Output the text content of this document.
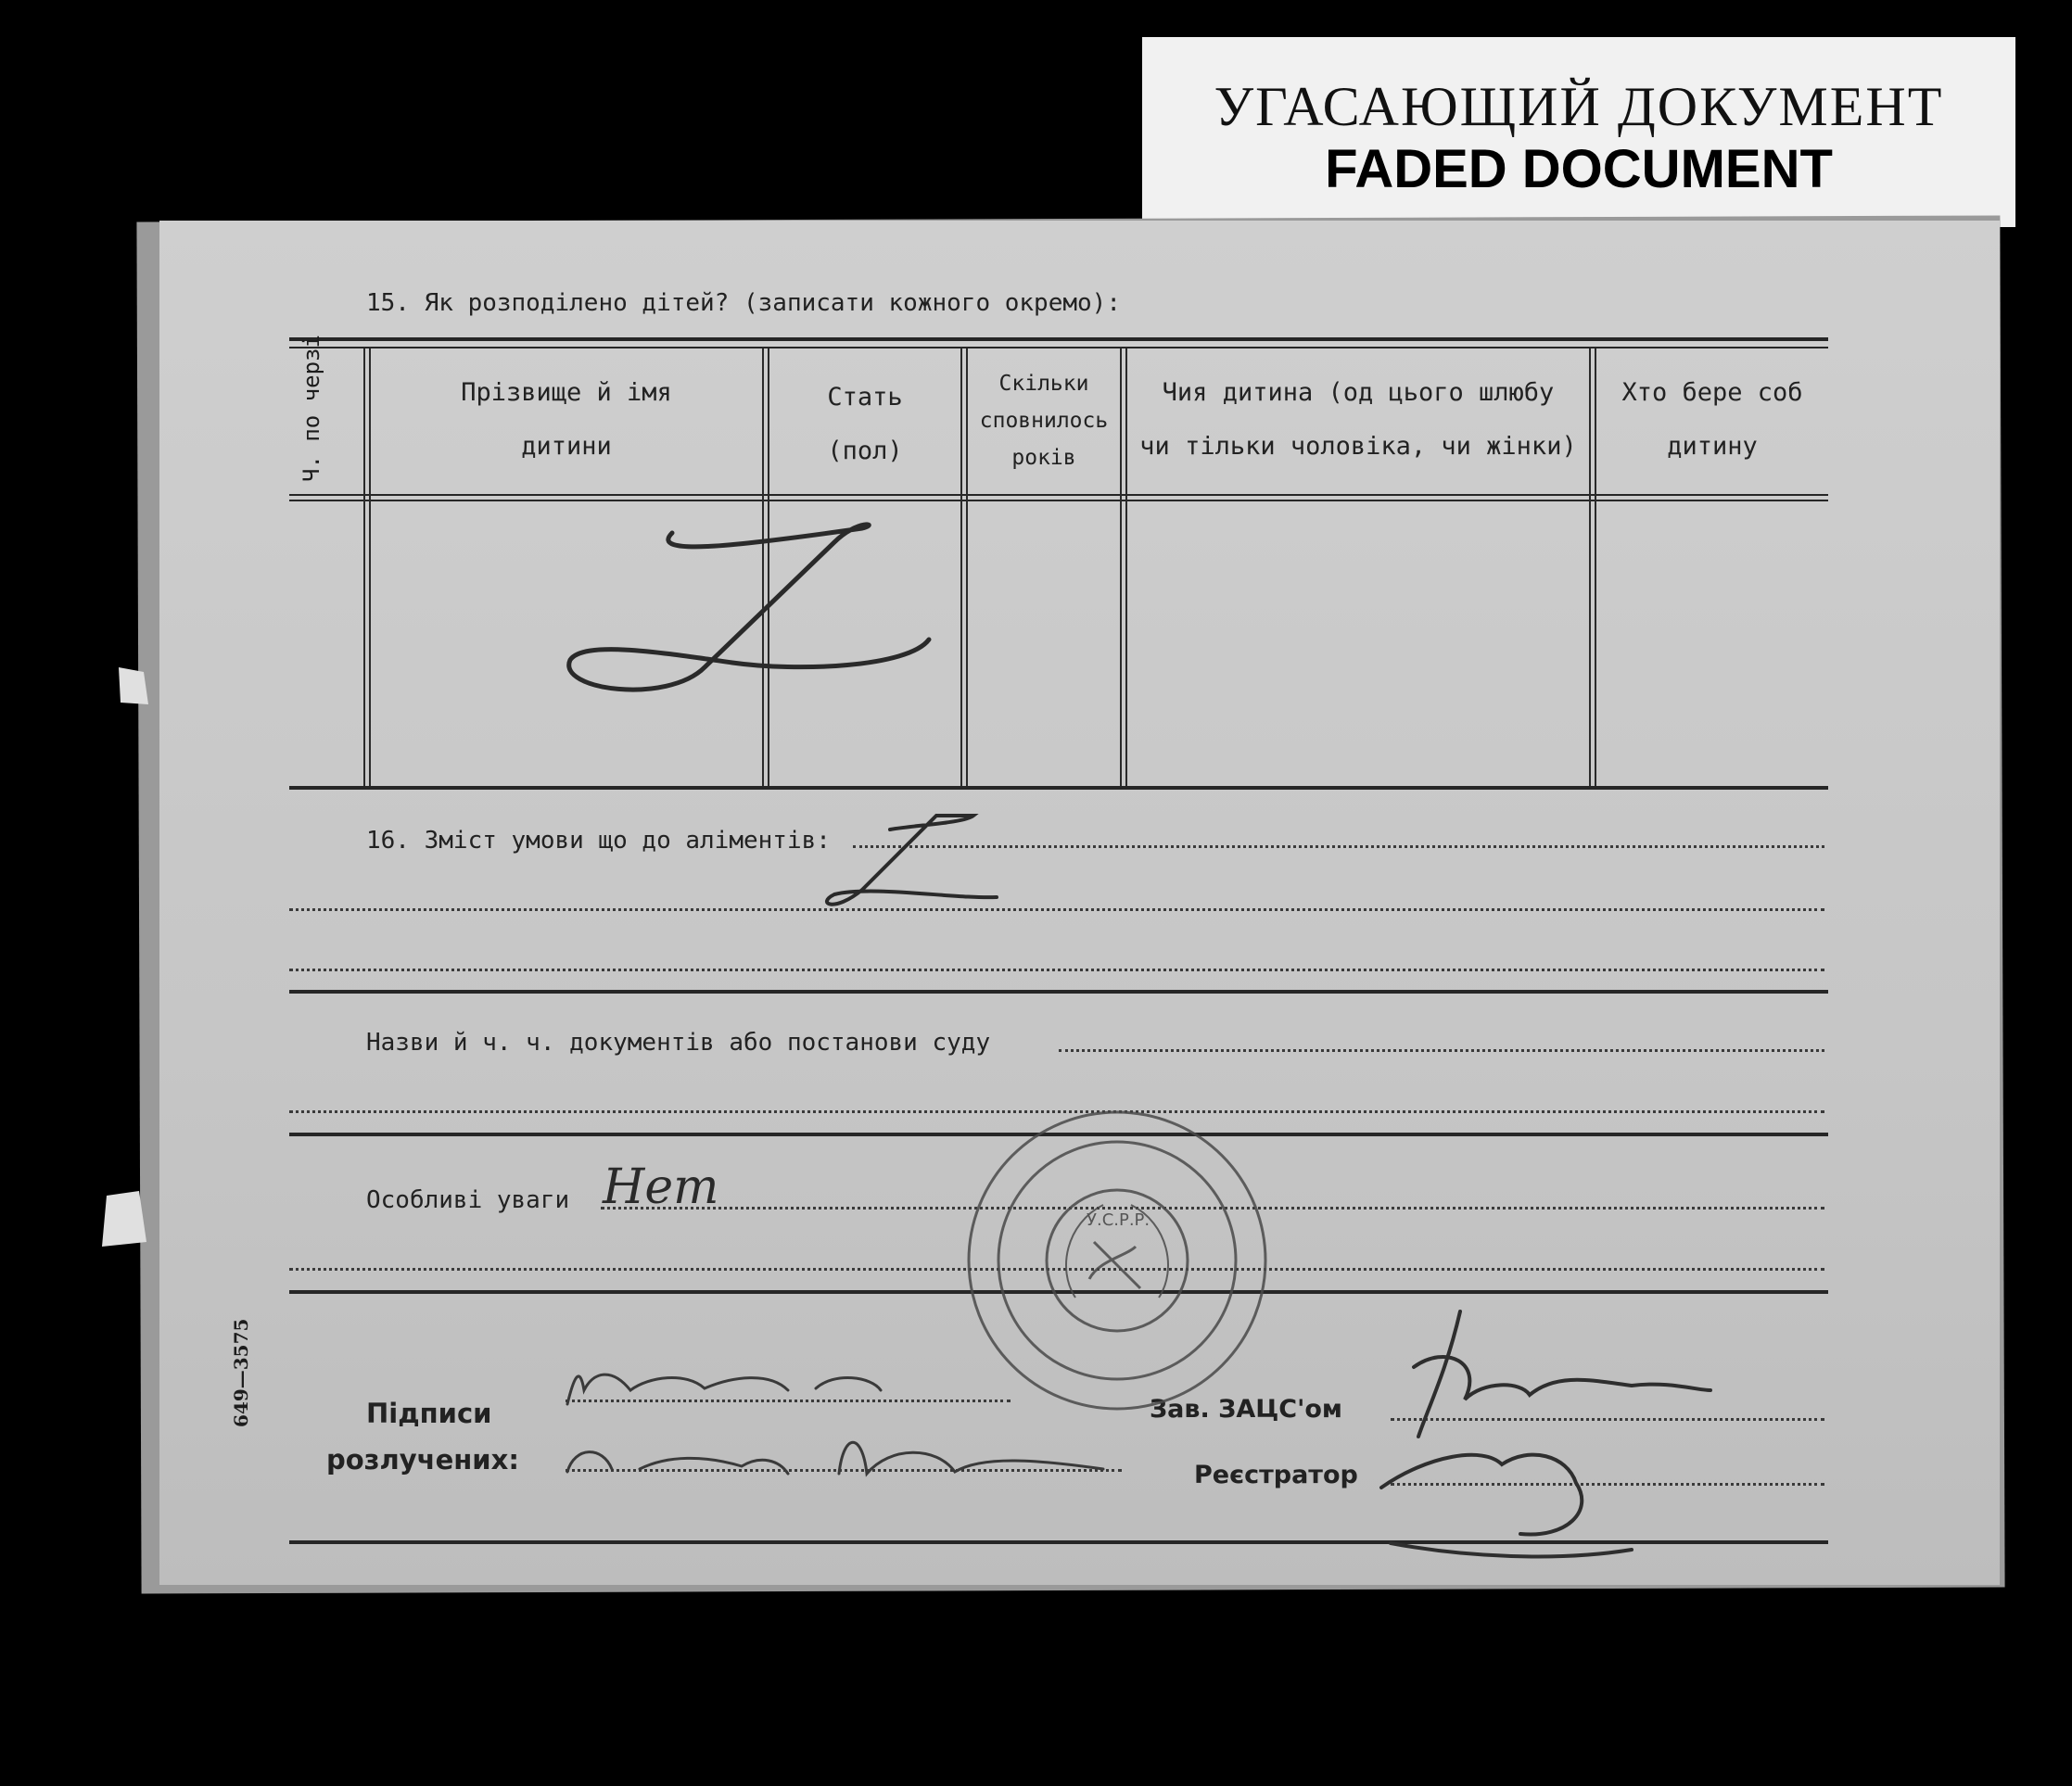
УГАСАЮЩИЙ ДОКУМЕНТ
FADED DOCUMENT
15. Як розподілено дітей? (записати кожного окремо):
Ч. по черзі	Прізвище й імя
дитини
Стать
(пол)
Скільки
сповнилось
років
Чия дитина (од цього шлюбу
чи тільки чоловіка, чи жінки)
Хто бере соб
дитину
16. Зміст умови що до аліментів:
Назви й ч. ч. документів або постанови суду
Особливі уваги
Підписи
розлучених:
Зав. ЗАЦС'ом
Реєстратор
649—3575
Нет
У.С.Р.Р.
